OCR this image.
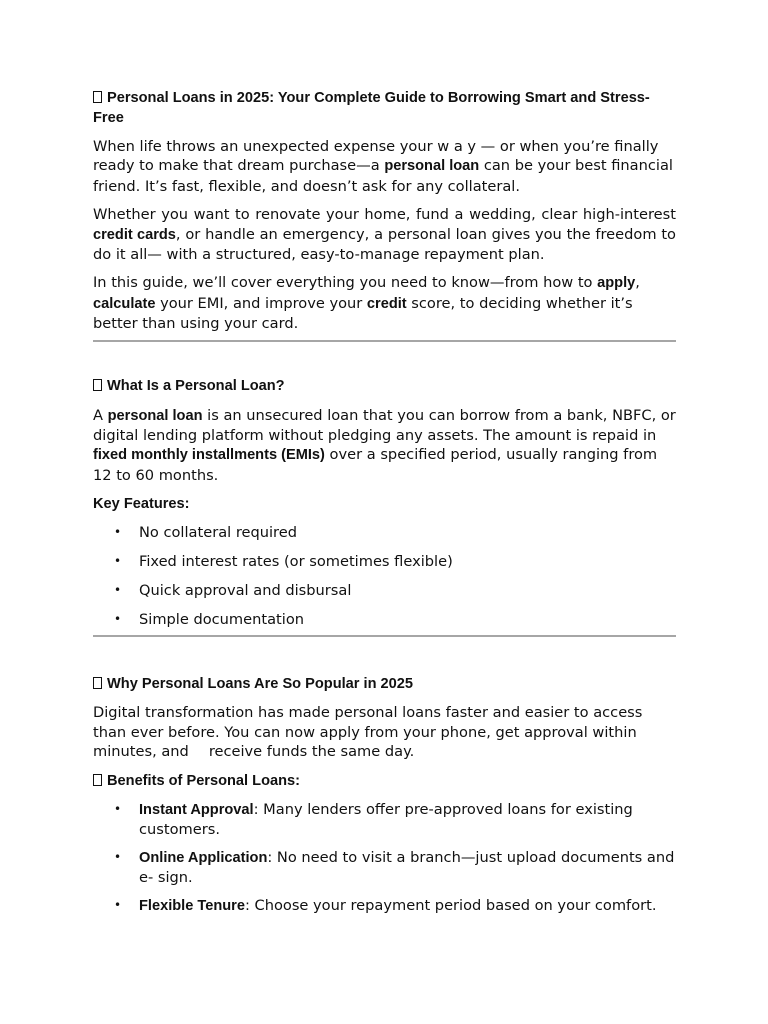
Personal Loans in 2025: Your Complete Guide to Borrowing Smart and Stress-Free

When life throws an unexpected expense your w a y — or when you’re finally ready to make that dream purchase—a personal loan can be your best financial friend. It’s fast, flexible, and doesn’t ask for any collateral.

Whether you want to renovate your home, fund a wedding, clear high-interest credit cards, or handle an emergency, a personal loan gives you the freedom to do it all— with a structured, easy-to-manage repayment plan.

In this guide, we’ll cover everything you need to know—from how to apply, calculate your EMI, and improve your credit score, to deciding whether it’s better than using your card.

What Is a Personal Loan?

A personal loan is an unsecured loan that you can borrow from a bank, NBFC, or digital lending platform without pledging any assets. The amount is repaid in fixed monthly installments (EMIs) over a specified period, usually ranging from 12 to 60 months.

Key Features:
• No collateral required
• Fixed interest rates (or sometimes flexible)
• Quick approval and disbursal
• Simple documentation
Why Personal Loans Are So Popular in 2025

Digital transformation has made personal loans faster and easier to access than ever before. You can now apply from your phone, get approval within minutes, and receive funds the same day.

Benefits of Personal Loans:
• Instant Approval: Many lenders offer pre-approved loans for existing customers.
• Online Application: No need to visit a branch—just upload documents and e- sign.
• Flexible Tenure: Choose your repayment period based on your comfort.
